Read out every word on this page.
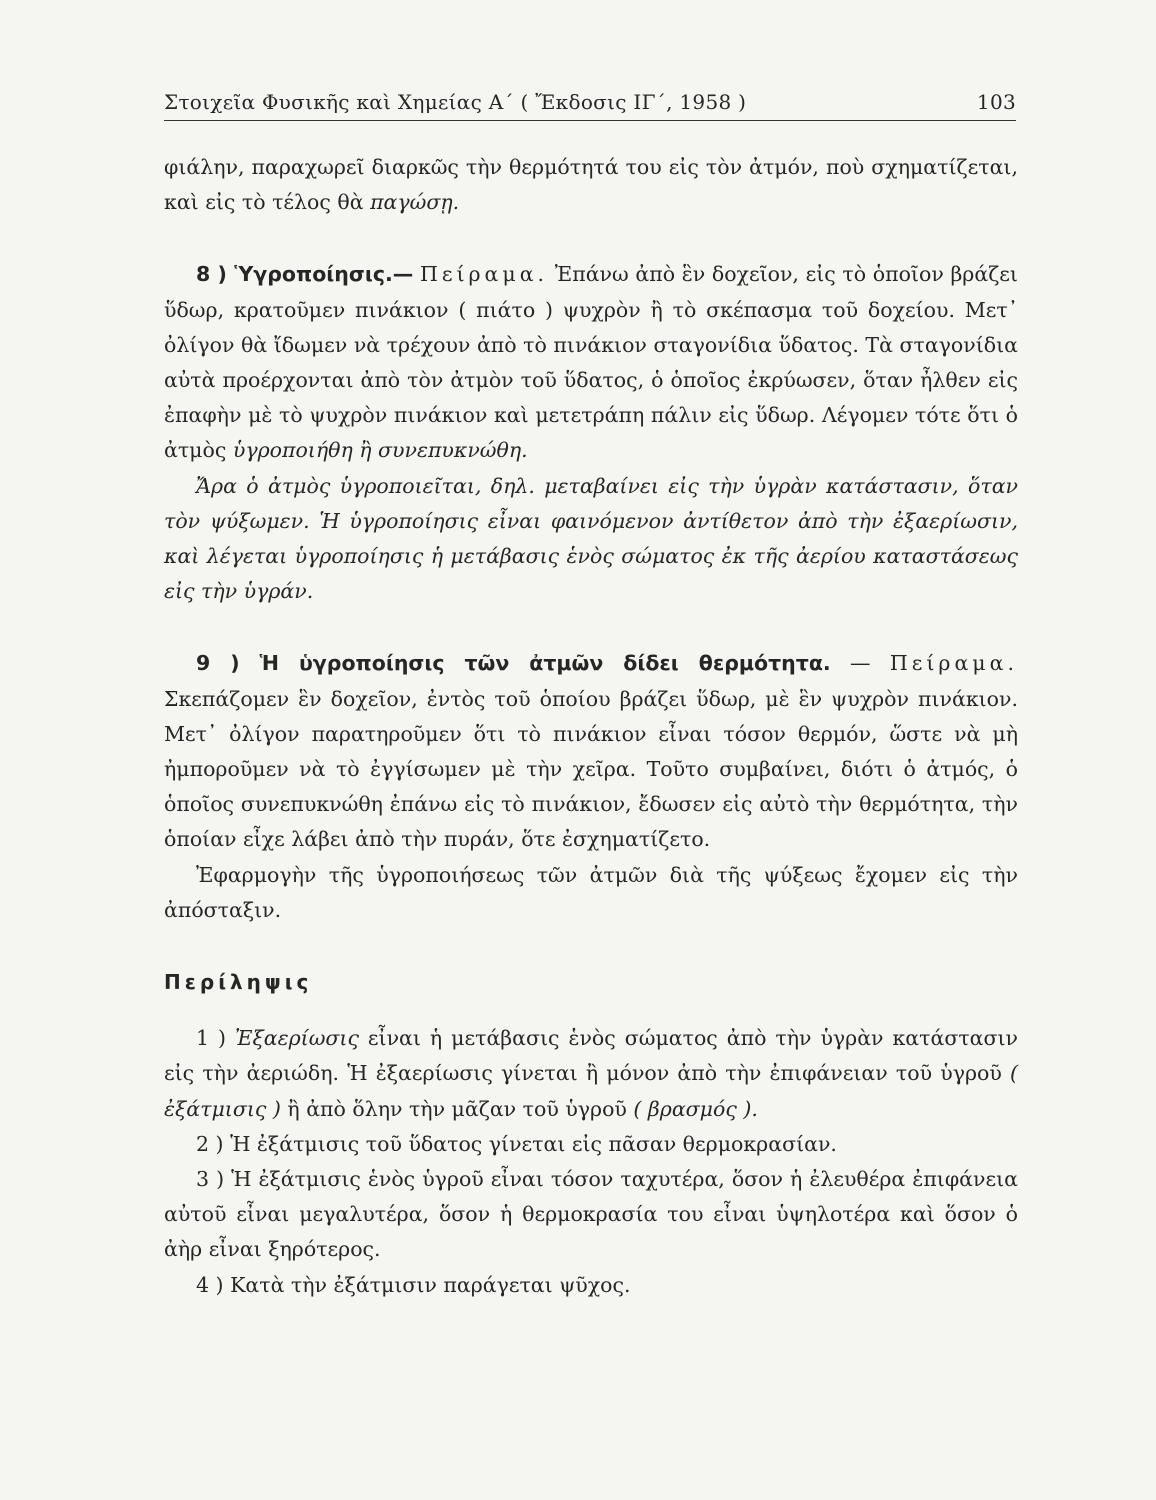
Στοιχεῖα Φυσικῆς καὶ Χημείας Α΄ ( Ἔκδοσις ΙΓ΄, 1958 )	103

φιάλην, παραχωρεῖ διαρκῶς τὴν θερμότητά του εἰς τὸν ἀτμόν, ποὺ σχηματίζεται, καὶ εἰς τὸ τέλος θὰ παγώσῃ.

8 ) Ὑγροποίησις.— Πείραμα. Ἐπάνω ἀπὸ ἓν δοχεῖον, εἰς τὸ ὁποῖον βράζει ὕδωρ, κρατοῦμεν πινάκιον ( πιάτο ) ψυχρὸν ἢ τὸ σκέπασμα τοῦ δοχείου. Μετ᾽ ὀλίγον θὰ ἴδωμεν νὰ τρέχουν ἀπὸ τὸ πινάκιον σταγονίδια ὕδατος. Τὰ σταγονίδια αὐτὰ προέρχονται ἀπὸ τὸν ἀτμὸν τοῦ ὕδατος, ὁ ὁποῖος ἐκρύωσεν, ὅταν ἦλθεν εἰς ἐπαφὴν μὲ τὸ ψυχρὸν πινάκιον καὶ μετετράπη πάλιν εἰς ὕδωρ. Λέγομεν τότε ὅτι ὁ ἀτμὸς ὑγροποιήθη ἢ συνεπυκνώθη.

Ἄρα ὁ ἀτμὸς ὑγροποιεῖται, δηλ. μεταβαίνει εἰς τὴν ὑγρὰν κατάστασιν, ὅταν τὸν ψύξωμεν. Ἡ ὑγροποίησις εἶναι φαινόμενον ἀντίθετον ἀπὸ τὴν ἐξαερίωσιν, καὶ λέγεται ὑγροποίησις ἡ μετάβασις ἑνὸς σώματος ἐκ τῆς ἀερίου καταστάσεως εἰς τὴν ὑγράν.

9 ) Ἡ ὑγροποίησις τῶν ἀτμῶν δίδει θερμότητα. — Πείραμα. Σκεπάζομεν ἓν δοχεῖον, ἐντὸς τοῦ ὁποίου βράζει ὕδωρ, μὲ ἓν ψυχρὸν πινάκιον. Μετ᾽ ὀλίγον παρατηροῦμεν ὅτι τὸ πινάκιον εἶναι τόσον θερμόν, ὥστε νὰ μὴ ἠμποροῦμεν νὰ τὸ ἐγγίσωμεν μὲ τὴν χεῖρα. Τοῦτο συμβαίνει, διότι ὁ ἀτμός, ὁ ὁποῖος συνεπυκνώθη ἐπάνω εἰς τὸ πινάκιον, ἔδωσεν εἰς αὐτὸ τὴν θερμότητα, τὴν ὁποίαν εἶχε λάβει ἀπὸ τὴν πυράν, ὅτε ἐσχηματίζετο.

Ἐφαρμογὴν τῆς ὑγροποιήσεως τῶν ἀτμῶν διὰ τῆς ψύξεως ἔχομεν εἰς τὴν ἀπόσταξιν.

Περίληψις

1 ) Ἐξαερίωσις εἶναι ἡ μετάβασις ἑνὸς σώματος ἀπὸ τὴν ὑγρὰν κατάστασιν εἰς τὴν ἀεριώδη. Ἡ ἐξαερίωσις γίνεται ἢ μόνον ἀπὸ τὴν ἐπιφάνειαν τοῦ ὑγροῦ ( ἐξάτμισις ) ἢ ἀπὸ ὅλην τὴν μᾶζαν τοῦ ὑγροῦ ( βρασμός ).

2 ) Ἡ ἐξάτμισις τοῦ ὕδατος γίνεται εἰς πᾶσαν θερμοκρασίαν.

3 ) Ἡ ἐξάτμισις ἑνὸς ὑγροῦ εἶναι τόσον ταχυτέρα, ὅσον ἡ ἐλευθέρα ἐπιφάνεια αὐτοῦ εἶναι μεγαλυτέρα, ὅσον ἡ θερμοκρασία του εἶναι ὑψηλοτέρα καὶ ὅσον ὁ ἀὴρ εἶναι ξηρότερος.

4 ) Κατὰ τὴν ἐξάτμισιν παράγεται ψῦχος.
